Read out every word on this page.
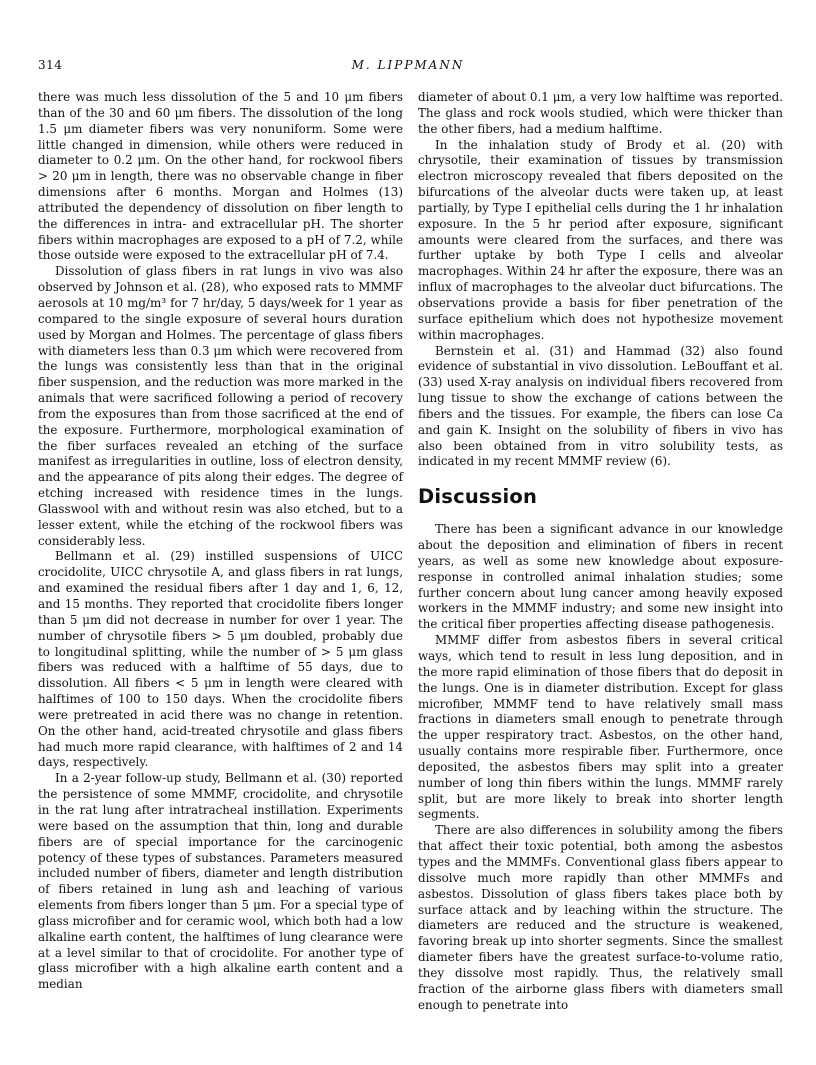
314	M. LIPPMANN

there was much less dissolution of the 5 and 10 μm fibers than of the 30 and 60 μm fibers. The dissolution of the long 1.5 μm diameter fibers was very nonuniform. Some were little changed in dimension, while others were reduced in diameter to 0.2 μm. On the other hand, for rockwool fibers > 20 μm in length, there was no observable change in fiber dimensions after 6 months. Morgan and Holmes (13) attributed the dependency of dissolution on fiber length to the differences in intra- and extracellular pH. The shorter fibers within macrophages are exposed to a pH of 7.2, while those outside were exposed to the extracellular pH of 7.4.

Dissolution of glass fibers in rat lungs in vivo was also observed by Johnson et al. (28), who exposed rats to MMMF aerosols at 10 mg/m³ for 7 hr/day, 5 days/week for 1 year as compared to the single exposure of several hours duration used by Morgan and Holmes. The percentage of glass fibers with diameters less than 0.3 μm which were recovered from the lungs was consistently less than that in the original fiber suspension, and the reduction was more marked in the animals that were sacrificed following a period of recovery from the exposures than from those sacrificed at the end of the exposure. Furthermore, morphological examination of the fiber surfaces revealed an etching of the surface manifest as irregularities in outline, loss of electron density, and the appearance of pits along their edges. The degree of etching increased with residence times in the lungs. Glasswool with and without resin was also etched, but to a lesser extent, while the etching of the rockwool fibers was considerably less.

Bellmann et al. (29) instilled suspensions of UICC crocidolite, UICC chrysotile A, and glass fibers in rat lungs, and examined the residual fibers after 1 day and 1, 6, 12, and 15 months. They reported that crocidolite fibers longer than 5 μm did not decrease in number for over 1 year. The number of chrysotile fibers > 5 μm doubled, probably due to longitudinal splitting, while the number of > 5 μm glass fibers was reduced with a halftime of 55 days, due to dissolution. All fibers < 5 μm in length were cleared with halftimes of 100 to 150 days. When the crocidolite fibers were pretreated in acid there was no change in retention. On the other hand, acid-treated chrysotile and glass fibers had much more rapid clearance, with halftimes of 2 and 14 days, respectively.

In a 2-year follow-up study, Bellmann et al. (30) reported the persistence of some MMMF, crocidolite, and chrysotile in the rat lung after intratracheal instillation. Experiments were based on the assumption that thin, long and durable fibers are of special importance for the carcinogenic potency of these types of substances. Parameters measured included number of fibers, diameter and length distribution of fibers retained in lung ash and leaching of various elements from fibers longer than 5 μm. For a special type of glass microfiber and for ceramic wool, which both had a low alkaline earth content, the halftimes of lung clearance were at a level similar to that of crocidolite. For another type of glass microfiber with a high alkaline earth content and a median

diameter of about 0.1 μm, a very low halftime was reported. The glass and rock wools studied, which were thicker than the other fibers, had a medium halftime.

In the inhalation study of Brody et al. (20) with chrysotile, their examination of tissues by transmission electron microscopy revealed that fibers deposited on the bifurcations of the alveolar ducts were taken up, at least partially, by Type I epithelial cells during the 1 hr inhalation exposure. In the 5 hr period after exposure, significant amounts were cleared from the surfaces, and there was further uptake by both Type I cells and alveolar macrophages. Within 24 hr after the exposure, there was an influx of macrophages to the alveolar duct bifurcations. The observations provide a basis for fiber penetration of the surface epithelium which does not hypothesize movement within macrophages.

Bernstein et al. (31) and Hammad (32) also found evidence of substantial in vivo dissolution. LeBouffant et al. (33) used X-ray analysis on individual fibers recovered from lung tissue to show the exchange of cations between the fibers and the tissues. For example, the fibers can lose Ca and gain K. Insight on the solubility of fibers in vivo has also been obtained from in vitro solubility tests, as indicated in my recent MMMF review (6).

Discussion

There has been a significant advance in our knowledge about the deposition and elimination of fibers in recent years, as well as some new knowledge about exposure-response in controlled animal inhalation studies; some further concern about lung cancer among heavily exposed workers in the MMMF industry; and some new insight into the critical fiber properties affecting disease pathogenesis.

MMMF differ from asbestos fibers in several critical ways, which tend to result in less lung deposition, and in the more rapid elimination of those fibers that do deposit in the lungs. One is in diameter distribution. Except for glass microfiber, MMMF tend to have relatively small mass fractions in diameters small enough to penetrate through the upper respiratory tract. Asbestos, on the other hand, usually contains more respirable fiber. Furthermore, once deposited, the asbestos fibers may split into a greater number of long thin fibers within the lungs. MMMF rarely split, but are more likely to break into shorter length segments.

There are also differences in solubility among the fibers that affect their toxic potential, both among the asbestos types and the MMMFs. Conventional glass fibers appear to dissolve much more rapidly than other MMMFs and asbestos. Dissolution of glass fibers takes place both by surface attack and by leaching within the structure. The diameters are reduced and the structure is weakened, favoring break up into shorter segments. Since the smallest diameter fibers have the greatest surface-to-volume ratio, they dissolve most rapidly. Thus, the relatively small fraction of the airborne glass fibers with diameters small enough to penetrate into
